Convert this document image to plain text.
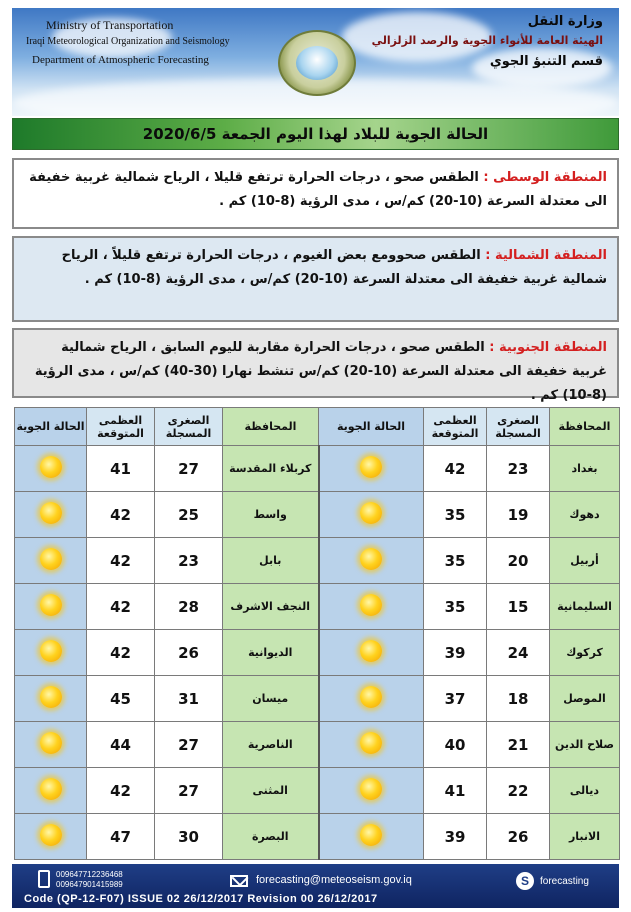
Ministry of Transportation
Iraqi Meteorological Organization and Seismology
Department of Atmospheric Forecasting
وزارة النقل
الهيئة العامة للأنواء الجوية والرصد الزلزالي
قسم التنبؤ الجوي
الحالة الجوية للبلاد لهذا اليوم الجمعة 2020/6/5
المنطقة الوسطى : الطقس صحو ، درجات الحرارة ترتفع قليلا ، الرياح شمالية غربية خفيفة الى معتدلة السرعة (10-20) كم/س ، مدى الرؤية (8-10) كم .
المنطقة الشمالية : الطقس صحوومع بعض الغيوم ، درجات الحرارة ترتفع قليلاً ، الرياح شمالية غربية خفيفة الى معتدلة السرعة (10-20) كم/س ، مدى الرؤية (8-10) كم .
المنطقة الجنوبية : الطقس صحو ، درجات الحرارة مقاربة لليوم السابق ، الرياح شمالية غربية خفيفة الى معتدلة السرعة (10-20) كم/س تنشط نهارا (30-40) كم/س ، مدى الرؤية (8-10) كم .
المحافظة	الصغرى المسجلة	العظمى المتوقعة	الحالة الجوية	المحافظة	الصغرى المسجلة	العظمى المتوقعة	الحالة الجوية
بغداد	23	42		كربلاء المقدسة	27	41	
دهوك	19	35		واسط	25	42	
أربيل	20	35		بابل	23	42	
السليمانية	15	35		النجف الاشرف	28	42	
كركوك	24	39		الديوانية	26	42	
الموصل	18	37		ميسان	31	45	
صلاح الدين	21	40		الناصرية	27	44	
ديالى	22	41		المثنى	27	42	
الانبار	26	39		البصرة	30	47	
009647712236468
009647901415989	forecasting@meteoseism.gov.iq	S	forecasting
Code (QP-12-F07) ISSUE 02 26/12/2017 Revision 00 26/12/2017
